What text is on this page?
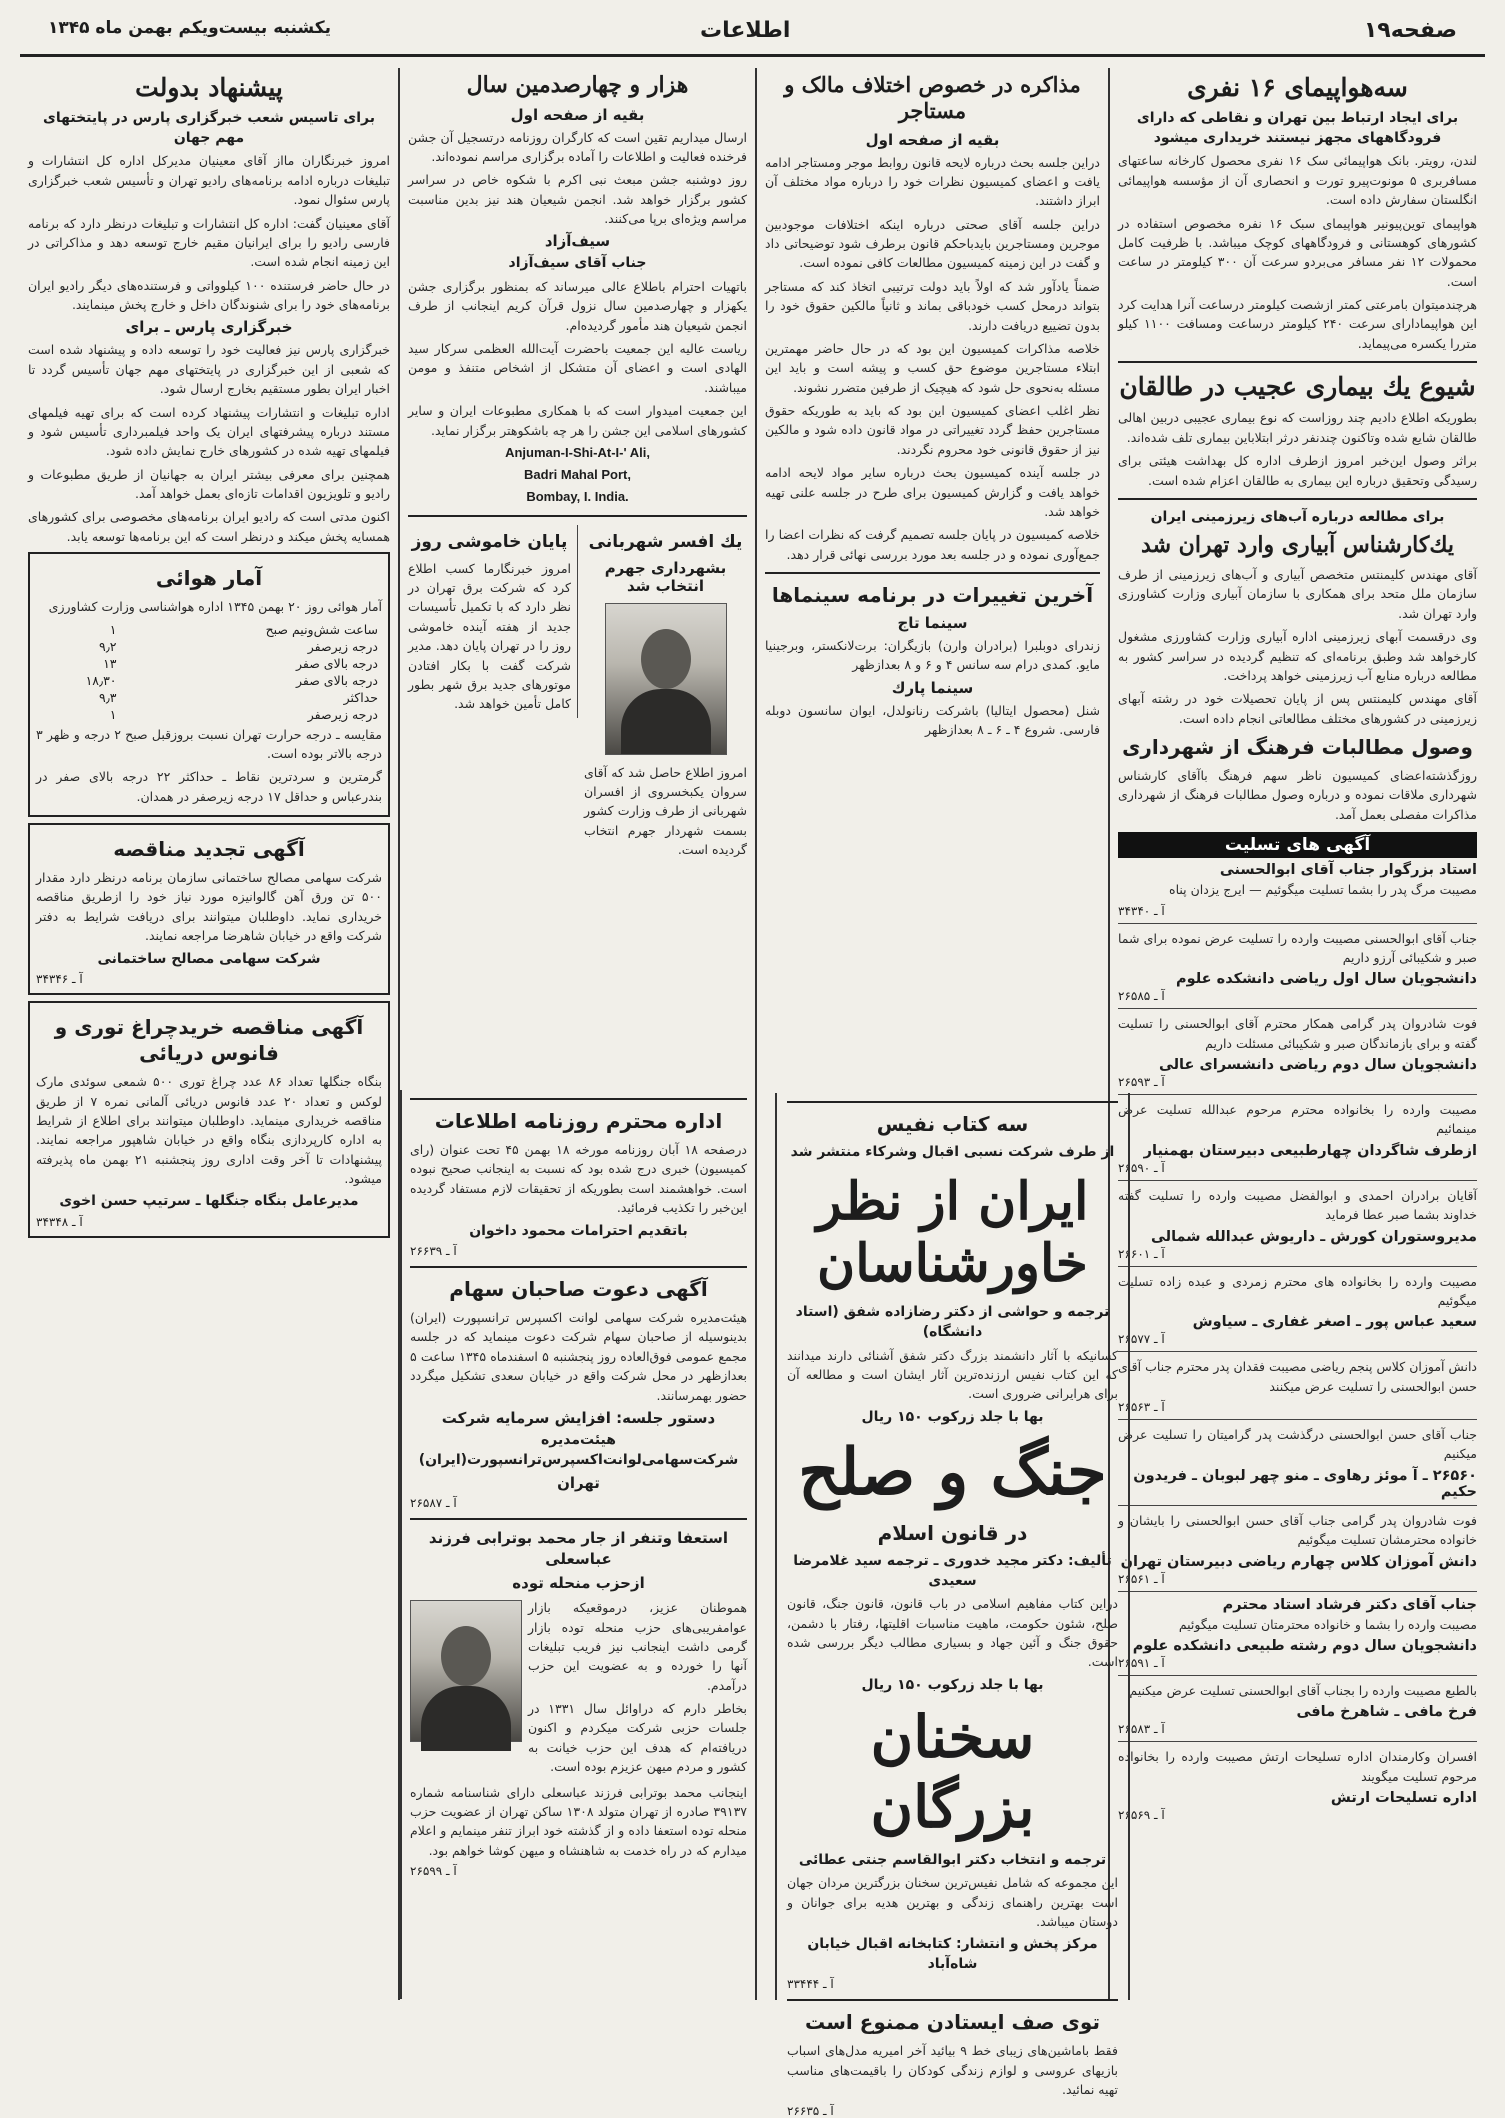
صفحه۱۹
اطلاعات
یکشنبه بیست‌ویکم بهمن ماه ۱۳۴۵
سه‌هواپیمای ۱۶ نفری
برای ایجاد ارتباط بین تهران و نقاطی که دارای فرودگاههای مجهز نیستند خریداری میشود

لندن، رویتر. بانک هواپیمائی سک ۱۶ نفری محصول کارخانه ساعتهای مسافربری ۵ مونوت‌پیرو تورت و انحصاری آن از مؤسسه هواپیمائی انگلستان سفارش داده است.

هواپیمای توین‌پیونیر هواپیمای سبک ۱۶ نفره مخصوص استفاده در کشورهای کوهستانی و فرودگاههای کوچک میباشد. با ظرفیت کامل محمولات ۱۲ نفر مسافر می‌بردو سرعت آن ۳۰۰ کیلومتر در ساعت است.

هرچندمیتوان بامرعتی کمتر ازشصت کیلومتر درساعت آنرا هدایت کرد این هواپیمادارای سرعت ۲۴۰ کیلومتر درساعت ومسافت ۱۱۰۰ کیلو متررا یکسره می‌پیماید.

شیوع یك بیماری عجیب در طالقان

بطوریکه اطلاع دادیم چند روزاست که نوع بیماری عجیبی دربین اهالی طالقان شایع شده وتاکنون چندنفر درثر ابتلاباین بیماری تلف شده‌اند.

براثر وصول این‌خبر امروز ازطرف اداره کل بهداشت هیئتی برای رسیدگی وتحقیق درباره این بیماری به طالقان اعزام شده است.

برای مطالعه درباره آب‌های زیرزمینی ایران
یك‌كارشناس آبیاری وارد تهران شد

آقای مهندس کلیمنتس متخصص آبیاری و آب‌های زیرزمینی از طرف سازمان ملل متحد برای همکاری با سازمان آبیاری وزارت کشاورزی وارد تهران شد.

وی درقسمت آبهای زیرزمینی اداره آبیاری وزارت کشاورزی مشغول کارخواهد شد وطبق برنامه‌ای که تنظیم گردیده در سراسر کشور به مطالعه درباره منابع آب زیرزمینی خواهد پرداخت.

آقای مهندس کلیمنتس پس از پایان تحصیلات خود در رشته آبهای زیرزمینی در کشورهای مختلف مطالعاتی انجام داده است.

وصول مطالبات فرهنگ از شهرداری

روزگذشته‌اعضای کمیسیون ناظر سهم فرهنگ باآقای کارشناس شهرداری ملاقات نموده و درباره وصول مطالبات فرهنگ از شهرداری مذاکرات مفصلی بعمل آمد.

آگهی های تسلیت
استاد بزرگوار جناب آقای ابوالحسنی

مصیبت مرگ پدر را بشما تسلیت میگوئیم — ایرج یزدان پناه

آ ـ ۳۴۳۴۰

جناب آقای ابوالحسنی مصیبت وارده را تسلیت عرض نموده برای شما صبر و شکیبائی آرزو داریم

دانشجویان سال اول ریاضی دانشکده علوم
آ ـ ۲۶۵۸۵

فوت شادروان پدر گرامی همکار محترم آقای ابوالحسنی را تسلیت گفته و برای بازماندگان صبر و شکیبائی مسئلت داریم

دانشجویان سال دوم ریاضی دانشسرای عالی
آ ـ ۲۶۵۹۳

مصیبت وارده را بخانواده محترم مرحوم عبدالله تسلیت عرض مینمائیم

ازطرف شاگردان چهارطبیعی دبیرستان بهمنیار
آ ـ ۲۶۵۹۰

آقایان برادران احمدی و ابوالفضل مصیبت وارده را تسلیت گفته خداوند بشما صبر عطا فرماید

مدیروستوران کورش ـ داریوش عبدالله شمالی
آ ـ ۲۶۶۰۱

مصیبت وارده را بخانواده های محترم زمردی و عبده زاده تسلیت میگوئیم

سعید عباس پور ـ اصغر غفاری ـ سیاوش
آ ـ ۲۶۵۷۷

دانش آموزان کلاس پنجم ریاضی مصیبت فقدان پدر محترم جناب آقای حسن ابوالحسنی را تسلیت عرض میکنند

آ ـ ۲۶۵۶۳

جناب آقای حسن ابوالحسنی درگذشت پدر گرامیتان را تسلیت عرض میکنیم

۲۶۵۶۰ ـ آ موئز رهاوی ـ منو چهر لبوبان ـ فریدون حکیم

فوت شادروان پدر گرامی جناب آقای حسن ابوالحسنی را بایشان و خانواده محترمشان تسلیت میگوئیم

دانش آموزان کلاس چهارم ریاضی دبیرستان تهران
آ ـ ۲۶۵۶۱
جناب آقای دکتر فرشاد استاد محترم

مصیبت وارده را بشما و خانواده محترمتان تسلیت میگوئیم

دانشجویان سال دوم رشته طبیعی دانشکده علوم
آ ـ ۲۶۵۹۱

بالطبع مصیبت وارده را بجناب آقای ابوالحسنی تسلیت عرض میکنیم

فرخ مافی ـ شاهرخ مافی
آ ـ ۲۶۵۸۳

افسران وکارمندان اداره تسلیحات ارتش مصیبت وارده را بخانواده مرحوم تسلیت میگویند

اداره تسلیحات ارتش
آ ـ ۲۶۵۶۹
مذاکره در خصوص اختلاف مالک و مستاجر
بقیه از صفحه اول

دراین جلسه بحث درباره لایحه قانون روابط موجر ومستاجر ادامه یافت و اعضای کمیسیون نظرات خود را درباره مواد مختلف آن ابراز داشتند.

دراین جلسه آقای صحتی درباره اینکه اختلافات موجودبین موجرین ومستاجرین بایدباحکم قانون برطرف شود توضیحاتی داد و گفت در این زمینه کمیسیون مطالعات کافی نموده است.

ضمناً یادآور شد که اولاً باید دولت ترتیبی اتخاذ کند که مستاجر بتواند درمحل کسب خودباقی بماند و ثانیاً مالکین حقوق خود را بدون تضییع دریافت دارند.

خلاصه مذاکرات کمیسیون این بود که در حال حاضر مهمترین ابتلاء مستاجرین موضوع حق کسب و پیشه است و باید این مسئله به‌نحوی حل شود که هیچیک از طرفین متضرر نشوند.

نظر اغلب اعضای کمیسیون این بود که باید به طوریکه حقوق مستاجرین حفظ گردد تغییراتی در مواد قانون داده شود و مالکین نیز از حقوق قانونی خود محروم نگردند.

در جلسه آینده کمیسیون بحث درباره سایر مواد لایحه ادامه خواهد یافت و گزارش کمیسیون برای طرح در جلسه علنی تهیه خواهد شد.

خلاصه کمیسیون در پایان جلسه تصمیم گرفت که نظرات اعضا را جمع‌آوری نموده و در جلسه بعد مورد بررسی نهائی قرار دهد.

آخرین تغییرات در برنامه سینماها
سینما تاج

زندرای دوبلبرا (برادران وارن) بازیگران: برت‌لانکستر، وبرجینیا مایو. کمدی درام سه سانس ۴ و ۶ و ۸ بعدازظهر

سینما پارك

شنل (محصول ایتالیا) باشرکت رنانولدل، ایوان سانسون دوبله فارسی. شروع ۴ ـ ۶ ـ ۸ بعدازظهر

سه کتاب نفیس
از طرف شرکت نسبی اقبال وشرکاء منتشر شد
ایران از نظر خاورشناسان
ترجمه و حواشی از دکتر رضازاده شفق (استاد دانشگاه)

کسانیکه با آثار دانشمند بزرگ دکتر شفق آشنائی دارند میدانند که این کتاب نفیس ارزنده‌ترین آثار ایشان است و مطالعه آن برای هرایرانی ضروری است.

بها با جلد زرکوب ۱۵۰ ریال
جنگ و صلح
در قانون اسلام
تألیف: دکتر مجید خدوری ـ ترجمه سید غلامرضا سعیدی

دراین کتاب مفاهیم اسلامی در باب قانون، قانون جنگ، قانون صلح، شئون حکومت، ماهیت مناسبات اقلیتها، رفتار با دشمن، حقوق جنگ و آئین جهاد و بسیاری مطالب دیگر بررسی شده است.

بها با جلد زرکوب ۱۵۰ ریال
سخنان بزرگان
ترجمه و انتخاب دکتر ابوالقاسم جنتی عطائی

این مجموعه که شامل نفیس‌ترین سخنان بزرگترین مردان جهان است بهترین راهنمای زندگی و بهترین هدیه برای جوانان و دوستان میباشد.

مرکز پخش و انتشار: کتابخانه اقبال خیابان شاه‌آباد
آ ـ ۳۳۴۴۴
توی صف ایستادن ممنوع است

فقط باماشین‌های زیبای خط ۹ بیائید آخر امیریه مدل‌های اسباب بازیهای عروسی و لوازم زندگی کودکان را باقیمت‌های مناسب تهیه نمائید.

آ ـ ۲۶۶۳۵
هزار و چهارصدمین سال
بقیه از صفحه اول

ارسال میداریم تقین است که کارگران روزنامه درتسجیل آن جشن فرخنده فعالیت و اطلاعات را آماده برگزاری مراسم نموده‌اند.

روز دوشنبه جشن مبعث نبی اکرم با شکوه خاص در سراسر کشور برگزار خواهد شد. انجمن شیعیان هند نیز بدین مناسبت مراسم ویژه‌ای برپا می‌کنند.

سیف‌آزاد
جناب آقای سیف‌آزاد

باتهیات احترام باطلاع عالی میرساند که بمنظور برگزاری جشن یکهزار و چهارصدمین سال نزول قرآن کریم اینجانب از طرف انجمن شیعیان هند مأمور گردیده‌ام.

ریاست عالیه این جمعیت باحضرت آیت‌الله العظمی سرکار سید الهادی است و اعضای آن متشکل از اشخاص متنفذ و مومن میباشند.

این جمعیت امیدوار است که با همکاری مطبوعات ایران و سایر کشورهای اسلامی این جشن را هر چه باشکوهتر برگزار نماید.

Anjuman-I-Shi-At-I-' Ali,
Badri Mahal Port,
Bombay, I. India.
یك افسر شهربانی
بشهرداری جهرم انتخاب شد

امروز اطلاع حاصل شد که آقای سروان یکبخسروی از افسران شهربانی از طرف وزارت کشور بسمت شهردار جهرم انتخاب گردیده است.

پایان خاموشی روز

امروز خبرنگارما کسب اطلاع کرد که شرکت برق تهران در نظر دارد که با تکمیل تأسیسات جدید از هفته آینده خاموشی روز را در تهران پایان دهد. مدیر شرکت گفت با بکار افتادن موتورهای جدید برق شهر بطور کامل تأمین خواهد شد.

پیشنهاد بدولت
برای تاسیس شعب خبرگزاری پارس در پایتختهای مهم جهان

امروز خبرنگاران مااز آقای معینیان مدیرکل اداره کل انتشارات و تبلیغات درباره ادامه برنامه‌های رادیو تهران و تأسیس شعب خبرگزاری پارس سئوال نمود.

آقای معینیان گفت: اداره کل انتشارات و تبلیغات درنظر دارد که برنامه فارسی رادیو را برای ایرانیان مقیم خارج توسعه دهد و مذاکراتی در این زمینه انجام شده است.

در حال حاضر فرستنده ۱۰۰ کیلوواتی و فرستنده‌های دیگر رادیو ایران برنامه‌های خود را برای شنوندگان داخل و خارج پخش مینمایند.

خبرگزاری پارس ـ برای

خبرگزاری پارس نیز فعالیت خود را توسعه داده و پیشنهاد شده است که شعبی از این خبرگزاری در پایتختهای مهم جهان تأسیس گردد تا اخبار ایران بطور مستقیم بخارج ارسال شود.

اداره تبلیغات و انتشارات پیشنهاد کرده است که برای تهیه فیلمهای مستند درباره پیشرفتهای ایران یک واحد فیلمبرداری تأسیس شود و فیلمهای تهیه شده در کشورهای خارج نمایش داده شود.

همچنین برای معرفی بیشتر ایران به جهانیان از طریق مطبوعات و رادیو و تلویزیون اقدامات تازه‌ای بعمل خواهد آمد.

اکنون مدتی است که رادیو ایران برنامه‌های مخصوصی برای کشورهای همسایه پخش میکند و درنظر است که این برنامه‌ها توسعه یابد.

آمار هوائی

آمار هوائی روز ۲۰ بهمن ۱۳۴۵ اداره هواشناسی وزارت کشاورزی

ساعت شش‌ونیم صبح	۱
درجه زیرصفر	۹٫۲
درجه بالای صفر	۱۳
درجه بالای صفر	۱۸٫۳۰
حداکثر	۹٫۳
درجه زیرصفر	۱

مقایسه ـ درجه حرارت تهران نسبت بروزقبل صبح ۲ درجه و ظهر ۳ درجه بالاتر بوده است.

گرمترین و سردترین نقاط ـ حداکثر ۲۲ درجه بالای صفر در بندرعباس و حداقل ۱۷ درجه زیرصفر در همدان.

آگهی تجدید مناقصه

شرکت سهامی مصالح ساختمانی سازمان برنامه درنظر دارد مقدار ۵۰۰ تن ورق آهن گالوانیزه مورد نیاز خود را ازطریق مناقصه خریداری نماید. داوطلبان میتوانند برای دریافت شرایط به دفتر شرکت واقع در خیابان شاهرضا مراجعه نمایند.

شرکت سهامی مصالح ساختمانی
آ ـ ۳۴۳۴۶
آگهی مناقصه خریدچراغ توری و فانوس دریائی

بنگاه جنگلها تعداد ۸۶ عدد چراغ توری ۵۰۰ شمعی سوئدی مارک لوکس و تعداد ۲۰ عدد فانوس دریائی آلمانی نمره ۷ از طریق مناقصه خریداری مینماید. داوطلبان میتوانند برای اطلاع از شرایط به اداره کارپردازی بنگاه واقع در خیابان شاهپور مراجعه نمایند. پیشنهادات تا آخر وقت اداری روز پنجشنبه ۲۱ بهمن ماه پذیرفته میشود.

مدیرعامل بنگاه جنگلها ـ سرتیپ حسن اخوی
آ ـ ۳۴۳۴۸
اداره محترم روزنامه اطلاعات

درصفحه ۱۸ آبان روزنامه مورخه ۱۸ بهمن ۴۵ تحت عنوان (رای کمیسیون) خبری درج شده بود که نسبت به اینجانب صحیح نبوده است. خواهشمند است بطوریکه از تحقیقات لازم مستفاد گردیده این‌خبر را تکذیب فرمائید.

باتقدیم احترامات محمود داخوان
آ ـ ۲۶۶۳۹
آگهی دعوت صاحبان سهام

هیئت‌مدیره شرکت سهامی لوانت اکسپرس ترانسپورت (ایران) بدینوسیله از صاحبان سهام شرکت دعوت مینماید که در جلسه مجمع عمومی فوق‌العاده روز پنجشنبه ۵ اسفندماه ۱۳۴۵ ساعت ۵ بعدازظهر در محل شرکت واقع در خیابان سعدی تشکیل میگردد حضور بهمرسانند.

دستور جلسه: افزایش سرمایه شرکت
هیئت‌مدیره شرکت‌سهامی‌لوانت‌اکسپرس‌ترانسپورت(ایران)
تهران
آ ـ ۲۶۵۸۷
استعفا وتنفر از جار محمد بوترابی فرزند عباسعلی
ازحزب منحله توده

هموطنان عزیز، درموقعیکه بازار عوامفریبی‌های حزب منحله توده بازار گرمی داشت اینجانب نیز فریب تبلیغات آنها را خورده و به عضویت این حزب درآمدم.

بخاطر دارم که دراوائل سال ۱۳۳۱ در جلسات حزبی شرکت میکردم و اکنون دریافته‌ام که هدف این حزب خیانت به کشور و مردم میهن عزیزم بوده است.

اینجانب محمد بوترابی فرزند عباسعلی دارای شناسنامه شماره ۳۹۱۳۷ صادره از تهران متولد ۱۳۰۸ ساکن تهران از عضویت حزب منحله توده استعفا داده و از گذشته خود ابراز تنفر مینمایم و اعلام میدارم که در راه خدمت به شاهنشاه و میهن کوشا خواهم بود.

آ ـ ۲۶۵۹۹
